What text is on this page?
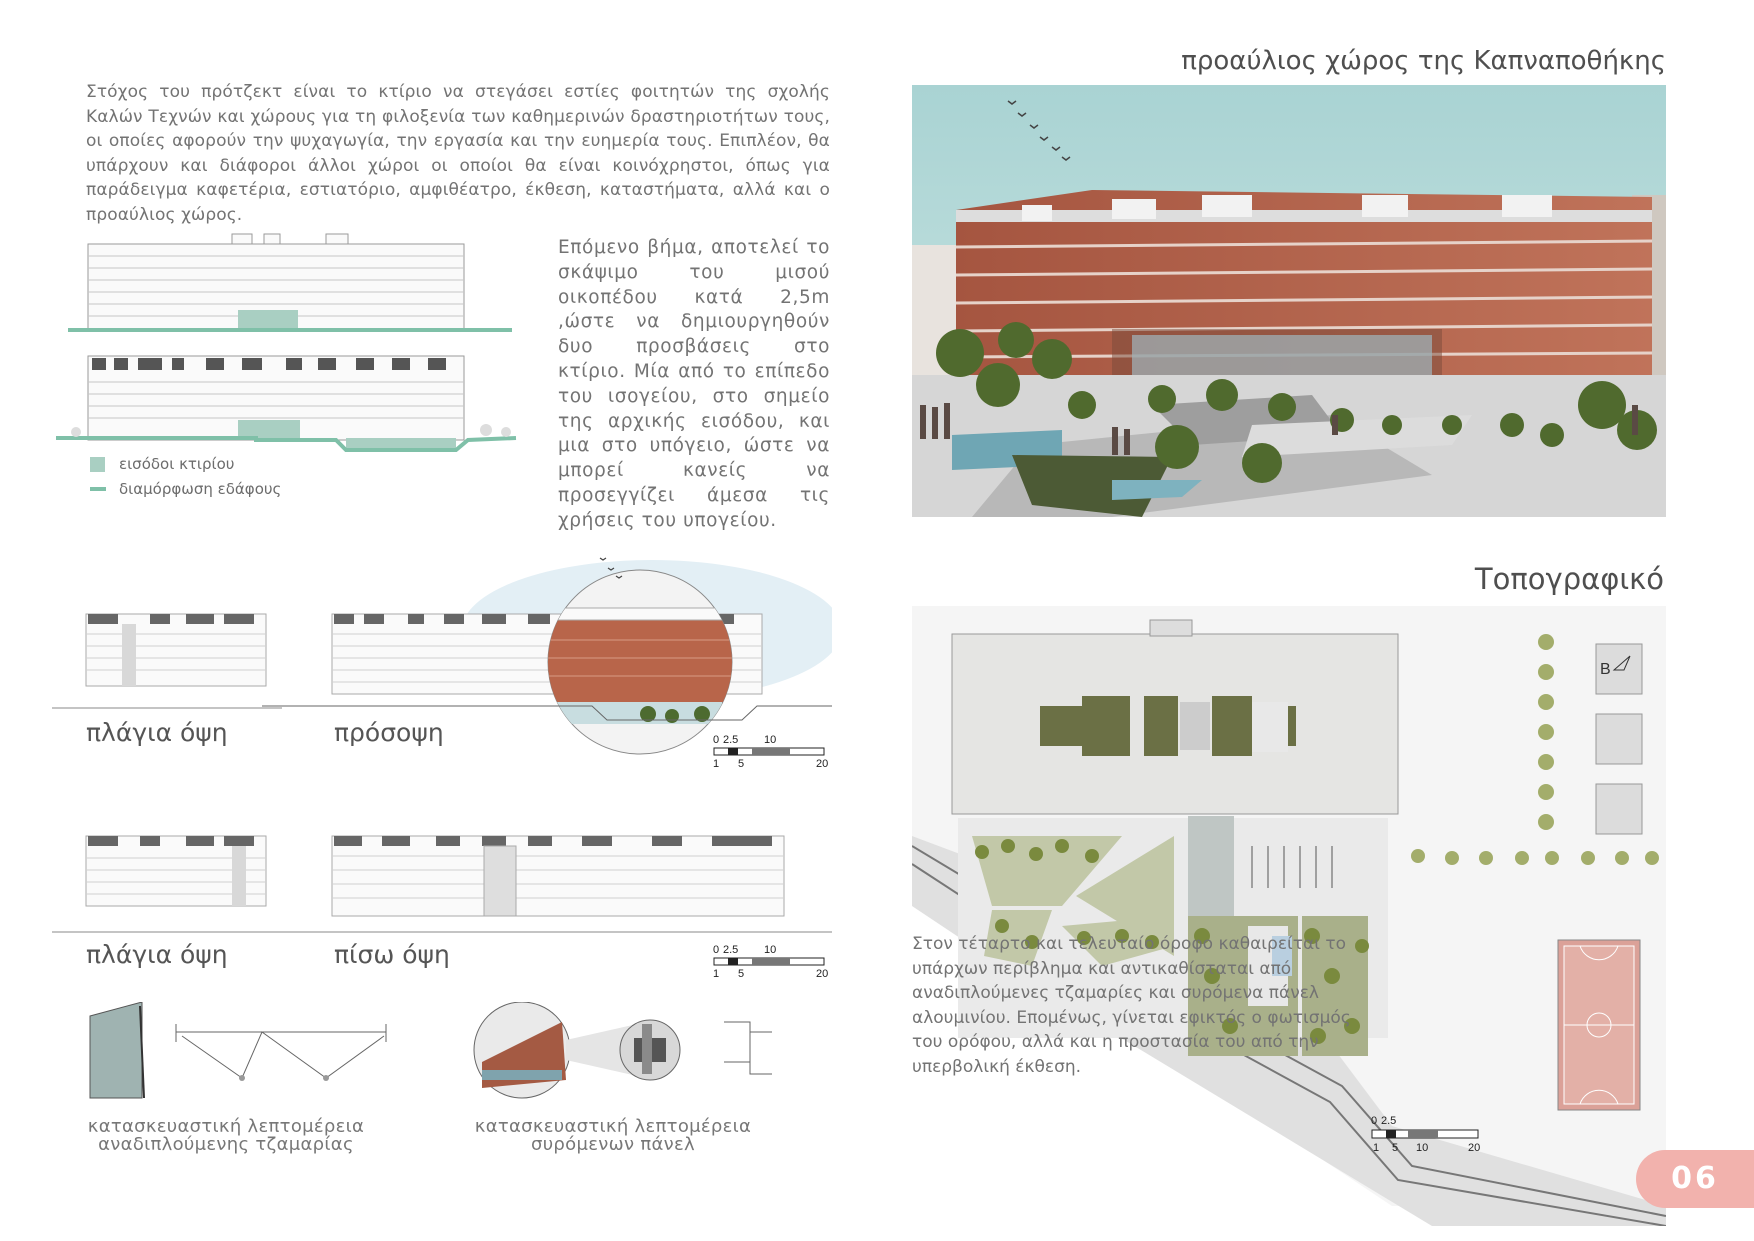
Στόχος του πρότζεκτ είναι το κτίριο να στεγάσει εστίες φοιτητών της σχολής Καλών Τεχνών και χώρους για τη φιλοξενία των καθημερινών δραστηριοτήτων τους, οι οποίες αφορούν την ψυχαγωγία, την εργασία και την ευημερία τους. Επιπλέον, θα υπάρχουν και διάφοροι άλλοι χώροι οι οποίοι θα είναι κοινόχρηστοι, όπως για παράδειγμα καφετέρια, εστιατόριο, αμφιθέατρο, έκθεση, καταστήματα, αλλά και ο προαύλιος χώρος.

εισόδοι κτιρίου
διαμόρφωση εδάφους

Επόμενο βήμα, αποτελεί το σκάψιμο του μισού οικοπέδου κατά 2,5m ,ώστε να δημιουργηθούν δυο προσβάσεις στο κτίριο. Μία από το επίπεδο του ισογείου, στο σημείο της αρχικής εισόδου, και μια στο υπόγειο, ώστε να μπορεί κανείς να προσεγγίζει άμεσα τις χρήσεις του υπογείου.

προαύλιος χώρος της Καπναποθήκης
0 2.5 10
1 5	20
πλάγια όψη	πρόσοψη
0 2.5 10
1 5	20
πλάγια όψη	πίσω όψη
κατασκευαστική λεπτομέρεια
αναδιπλούμενης τζαμαρίας
κατασκευαστική λεπτομέρεια
συρόμενων πάνελ
Τοπογραφικό
B
0 2.5
1 5 10	20

Στον τέταρτο και τελευταίο όροφο καθαιρείται το υπάρχων περίβλημα και αντικαθίσταται από αναδιπλούμενες τζαμαρίες και συρόμενα πάνελ αλουμινίου. Επομένως, γίνεται εφικτός ο φωτισμός του ορόφου, αλλά και η προστασία του από την υπερβολική έκθεση.

06
